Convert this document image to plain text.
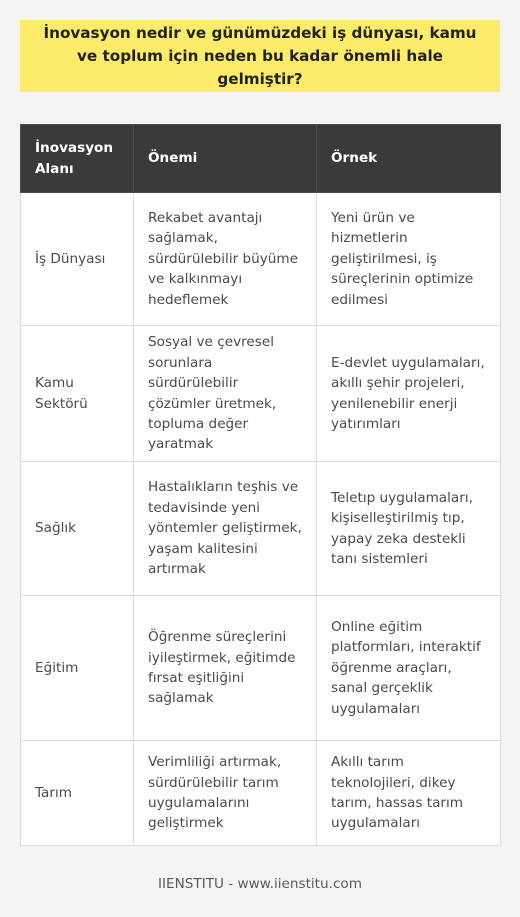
İnovasyon nedir ve günümüzdeki iş dünyası, kamu ve toplum için neden bu kadar önemli hale gelmiştir?
İnovasyon Alanı	Önemi	Örnek
İş Dünyası	Rekabet avantajı sağlamak, sürdürülebilir büyüme ve kalkınmayı hedeflemek	Yeni ürün ve hizmetlerin geliştirilmesi, iş süreçlerinin optimize edilmesi
Kamu Sektörü	Sosyal ve çevresel sorunlara sürdürülebilir çözümler üretmek, topluma değer yaratmak	E-devlet uygulamaları, akıllı şehir projeleri, yenilenebilir enerji yatırımları
Sağlık	Hastalıkların teşhis ve tedavisinde yeni yöntemler geliştirmek, yaşam kalitesini artırmak	Teletıp uygulamaları, kişiselleştirilmiş tıp, yapay zeka destekli tanı sistemleri
Eğitim	Öğrenme süreçlerini iyileştirmek, eğitimde fırsat eşitliğini sağlamak	Online eğitim platformları, interaktif öğrenme araçları, sanal gerçeklik uygulamaları
Tarım	Verimliliği artırmak, sürdürülebilir tarım uygulamalarını geliştirmek	Akıllı tarım teknolojileri, dikey tarım, hassas tarım uygulamaları
IIENSTITU - www.iienstitu.com
